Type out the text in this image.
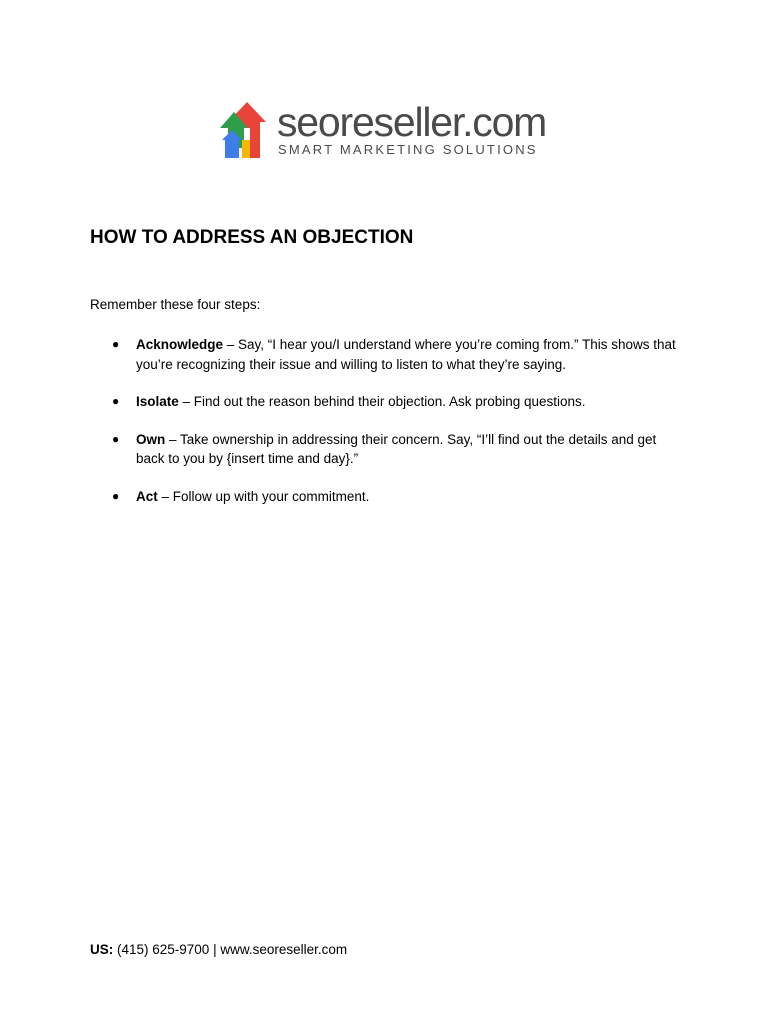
seoreseller.com
SMART MARKETING SOLUTIONS
HOW TO ADDRESS AN OBJECTION

Remember these four steps:

● Acknowledge – Say, “I hear you/I understand where you’re coming from.” This shows that you’re recognizing their issue and willing to listen to what they’re saying.
● Isolate – Find out the reason behind their objection. Ask probing questions.
● Own – Take ownership in addressing their concern. Say, “I’ll find out the details and get back to you by {insert time and day}.”
● Act – Follow up with your commitment.

US: (415) 625-9700 | www.seoreseller.com
